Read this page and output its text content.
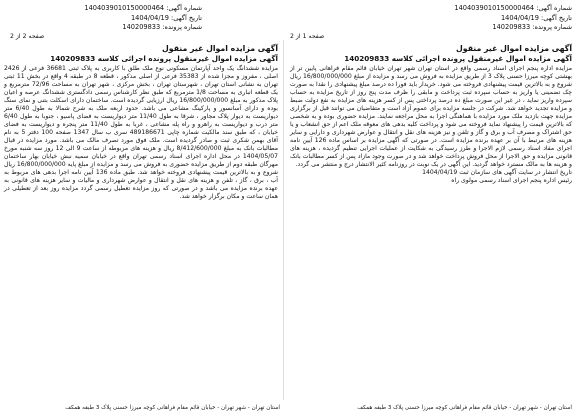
شماره آگهی: 1404039010150000464
تاریخ آگهی: 1404/04/19
شماره پرونده: 140209833
شماره آگهی: 1404039010150000464
تاریخ آگهی: 1404/04/19
شماره پرونده: 140209833
صفحه 2 از 2	صفحه 1 از 2
آگهی مزایده اموال غیر منقول
آگهی مزایده اموال غیرمنقول پرونده اجرائی کلاسه 140209833

مزایده ششدانگ یک واحد آپارتمان مسکونی نوع ملک طلق با کاربری به پلاک ثبتی 36681 فرعی از 2426 اصلی ، مفروز و مجزا شده از 35383 فرعی از اصلی مذکور ، قطعه 8 در طبقه 4 واقع در بخش 11 ثبتی تهران به نشانی استان تهران ، شهرستان تهران ، بخش مرکزی ، شهر تهران به مساحت 72/96 مترمربع و یک قطعه انباری به مساحت 1/8 مترمربع که طبق نظر کارشناس رسمی دادگستری ششدانگ عرصه و اعیان پلاک مذکور به مبلغ 16/800/000/000 ریال ارزیابی گردیده است. ساختمان دارای اسکلت بتنی و نمای سنگ بوده و دارای آسانسور و پارکینگ مشاعی می باشد. حدود اربعه ملک به شرح شمالا به طول 6/40 متر دیواریست به دیوار پلاک مجاور ، شرقا به طول 11/40 متر دیواریست به فضای پاسیو ، جنوبا به طول 6/40 متر درب و دیواریست به راهرو و راه پله مشاعی ، غربا به طول 11/40 متر پنجره و دیواریست به فضای خیابان ، که طبق سند مالکیت شماره چاپی 489186671 سری ب سال 1347 صفحه 100 دفتر 5 به نام آقای بهمن شکری ثبت و صادر گردیده است. ملک فوق مورد تصرف مالک می باشد. مورد مزایده در قبال مطالبات بانک به مبلغ 8/412/600/000 ریال و هزینه های مربوطه از ساعت 9 الی 12 روز سه شنبه مورخ 1404/05/07 در محل اداره اجرای اسناد رسمی تهران واقع در خیابان سمیه نبش خیابان بهار ساختمان مهرگان طبقه دوم از طریق مزایده حضوری به فروش می رسد و مزایده از مبلغ پایه 16/800/000/000 ریال شروع و به بالاترین قیمت پیشنهادی فروخته خواهد شد. طبق ماده 136 آیین نامه اجرا بدهی های مربوط به آب ، برق ، گاز ، تلفن و هزینه های نقل و انتقال و عوارض شهرداری و مالیات و سایر هزینه های قانونی به عهده برنده مزایده می باشد و در صورتی که روز مزایده تعطیل رسمی گردد مزایده روز بعد از تعطیلی در همان ساعت و مکان برگزار خواهد شد.

آگهی مزایده اموال غیر منقول
آگهی مزایده اموال غیرمنقول پرونده اجرائی کلاسه 140209833

مزایده اداره پنجم اجرای اسناد رسمی واقع در استان تهران شهر تهران خیابان قائم مقام فراهانی پایین تر از بهشتی کوچه میرزا حسنی پلاک 3 از طریق مزایده به فروش می رسد و مزایده از مبلغ 16/800/000/000 ریال شروع و به بالاترین قیمت پیشنهادی فروخته می شود. خریدار باید فورا ده درصد مبلغ پیشنهادی را نقدا به صورت چک تضمینی یا واریز به حساب سپرده ثبت پرداخت و مابقی را ظرف مدت پنج روز از تاریخ مزایده به حساب سپرده واریز نماید ، در غیر این صورت مبلغ ده درصد پرداختی پس از کسر هزینه های مزایده به نفع دولت ضبط و مزایده تجدید خواهد شد. شرکت در جلسه مزایده برای عموم آزاد است و متقاضیان می توانند قبل از برگزاری مزایده جهت بازدید ملک مورد مزایده با هماهنگی اجرا به محل مراجعه نمایند. مزایده حضوری بوده و به شخصی که بالاترین قیمت را پیشنهاد نماید فروخته می شود و پرداخت کلیه بدهی های معوقه ملک اعم از حق انشعاب و یا حق اشتراک و مصرف آب و برق و گاز و تلفن و نیز هزینه های نقل و انتقال و عوارض شهرداری و دارایی و سایر هزینه های مرتبط با آن بر عهده برنده مزایده است. در صورتی که آگهی مزایده بر اساس ماده 126 آیین نامه اجرای مفاد اسناد رسمی لازم الاجرا و طرز رسیدگی به شکایت از عملیات اجرایی تنظیم گردیده ، هزینه های قانونی مزایده و حق الاجرا از محل فروش پرداخت خواهد شد و در صورت وجود مازاد پس از کسر مطالبات بانک و هزینه ها به مالک مسترد خواهد گردید. این آگهی در یک نوبت در روزنامه کثیر الانتشار درج و منتشر می گردد.

تاریخ انتشار در سایت آگهی های سازمان ثبت 1404/04/19

رئیس اداره پنجم اجرای اسناد رسمی مولوی راه

استان تهران - شهر تهران - خیابان قائم مقام فراهانی کوچه میرزا حسنی پلاک 3 طبقه همکف	استان تهران - شهر تهران - خیابان قائم مقام فراهانی کوچه میرزا حسنی پلاک 3 طبقه همکف
